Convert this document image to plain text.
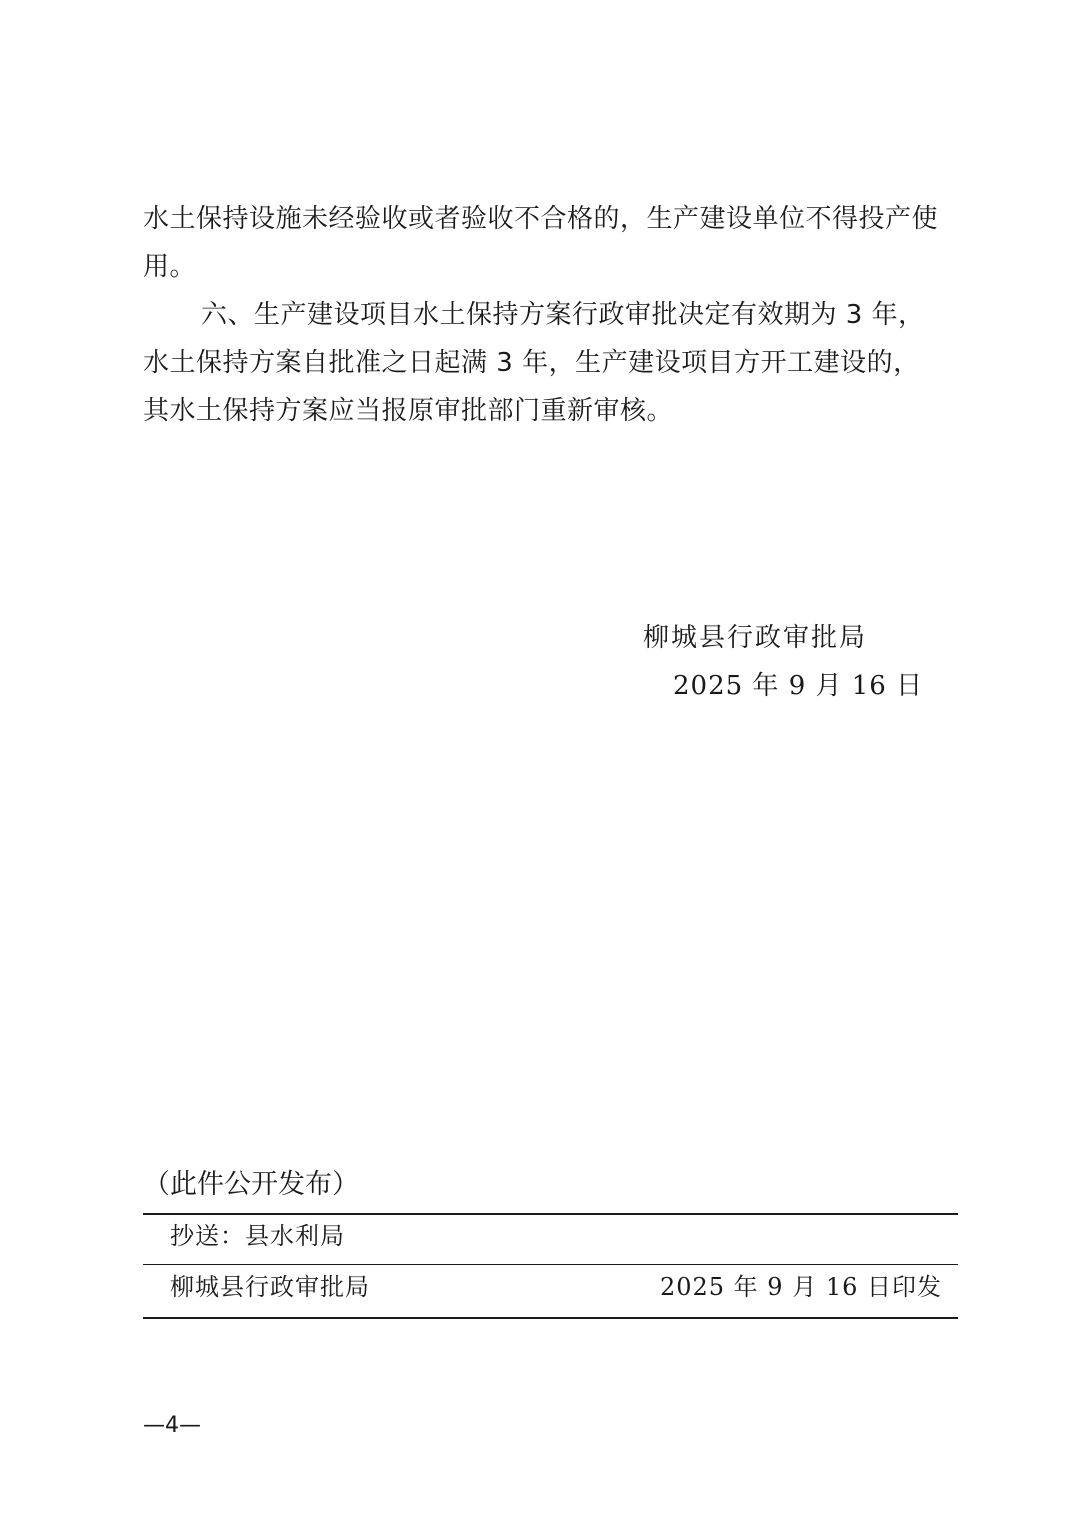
水土保持设施未经验收或者验收不合格的，生产建设单位不得投产使用。

六、生产建设项目水土保持方案行政审批决定有效期为 3 年，水土保持方案自批准之日起满 3 年，生产建设项目方开工建设的，其水土保持方案应当报原审批部门重新审核。

柳城县行政审批局
2025 年 9 月 16 日
（此件公开发布）
抄送：县水利局
柳城县行政审批局	2025 年 9 月 16 日印发
—4—
